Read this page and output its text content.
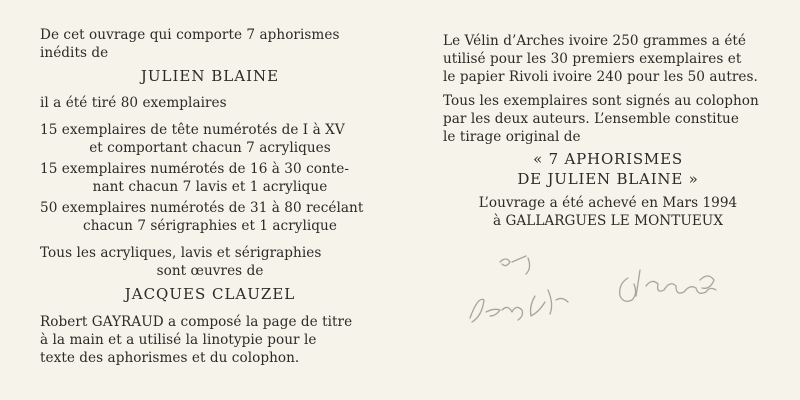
De cet ouvrage qui comporte 7 aphorismes
inédits de
JULIEN BLAINE
il a été tiré 80 exemplaires
15 exemplaires de tête numérotés de I à XV
et comportant chacun 7 acryliques
15 exemplaires numérotés de 16 à 30 conte-
nant chacun 7 lavis et 1 acrylique
50 exemplaires numérotés de 31 à 80 recélant
chacun 7 sérigraphies et 1 acrylique
Tous les acryliques, lavis et sérigraphies
sont œuvres de
JACQUES CLAUZEL
Robert GAYRAUD a composé la page de titre
à la main et a utilisé la linotypie pour le
texte des aphorismes et du colophon.
Le Vélin d’Arches ivoire 250 grammes a été
utilisé pour les 30 premiers exemplaires et
le papier Rivoli ivoire 240 pour les 50 autres.
Tous les exemplaires sont signés au colophon
par les deux auteurs. L’ensemble constitue
le tirage original de
« 7 APHORISMES
DE JULIEN BLAINE »
L’ouvrage a été achevé en Mars 1994
à GALLARGUES LE MONTUEUX
